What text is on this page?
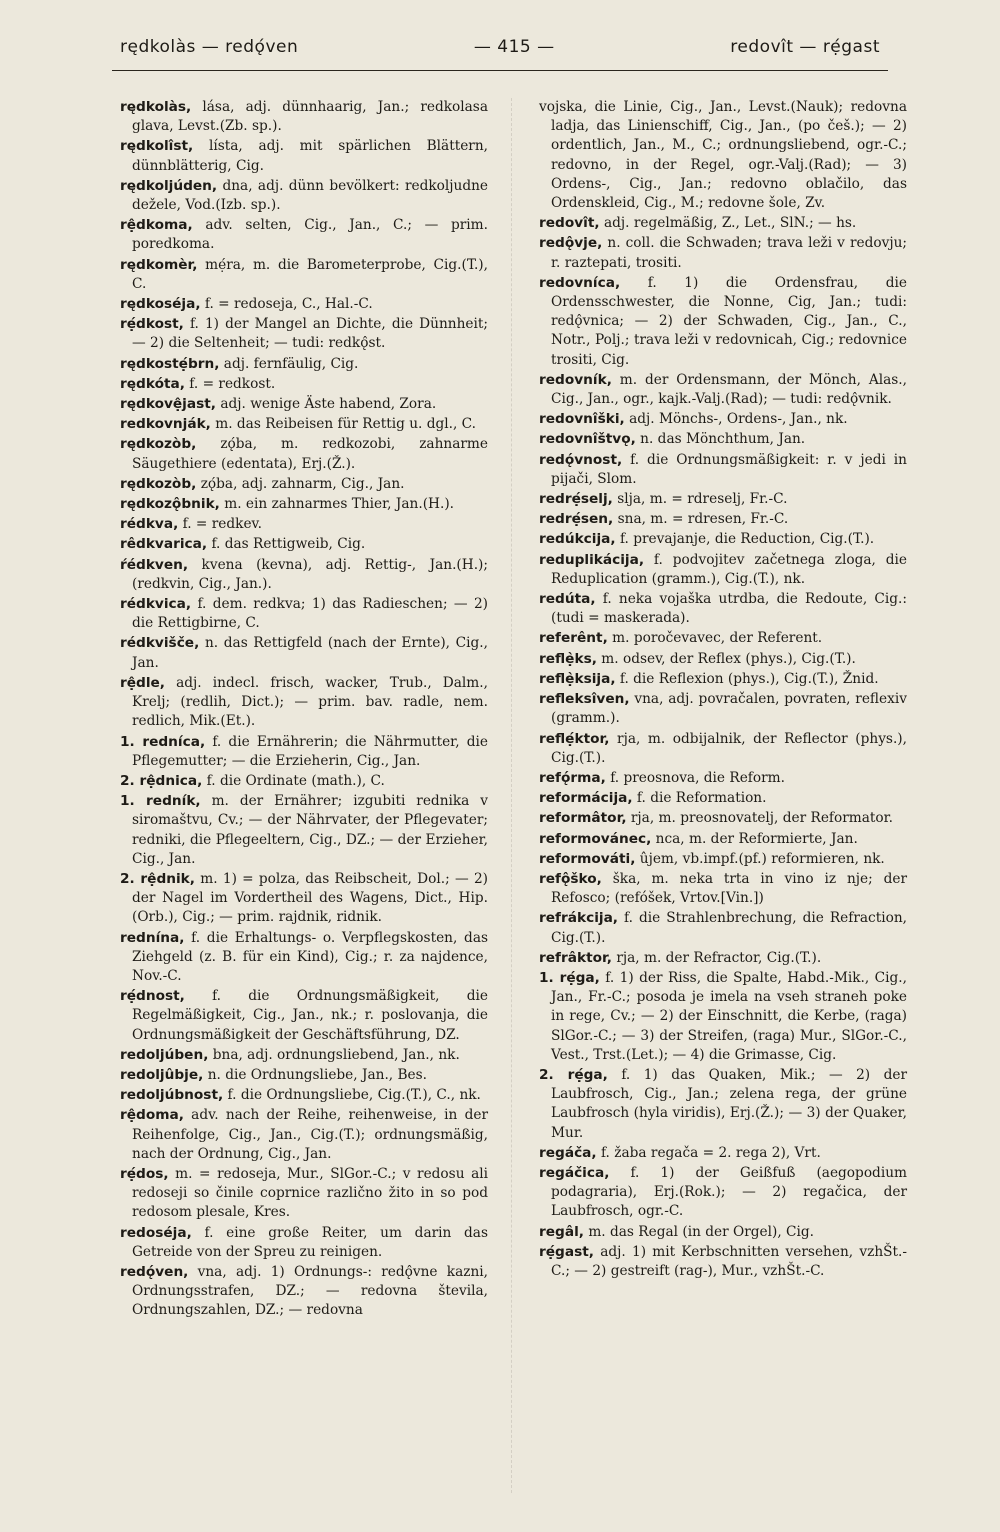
rędkolàs — redǫ́ven	— 415 —	redovît — rẹ́gast

rędkolàs, lása, adj. dünnhaarig, Jan.; redkolasa glava, Levst.(Zb. sp.).

rędkolîst, lísta, adj. mit spärlichen Blättern, dünnblätterig, Cig.

rędkoljúden, dna, adj. dünn bevölkert: redkoljudne dežele, Vod.(Izb. sp.).

rệdkoma, adv. selten, Cig., Jan., C.; — prim. poredkoma.

rędkomèr, mẹ́ra, m. die Barometerprobe, Cig.(T.), C.

rędkoséja, f. = redoseja, C., Hal.-C.

rẹ́dkost, f. 1) der Mangel an Dichte, die Dünnheit; — 2) die Seltenheit; — tudi: redkǫ̂st.

rędkostẹ́brn, adj. fernfäulig, Cig.

rędkóta, f. = redkost.

rędkovệjast, adj. wenige Äste habend, Zora.

redkovnják, m. das Reibeisen für Rettig u. dgl., C.

rędkozòb, zǫ́ba, m. redkozobi, zahnarme Säugethiere (edentata), Erj.(Ž.).

rędkozòb, zǫ́ba, adj. zahnarm, Cig., Jan.

rędkozǫ̂bnik, m. ein zahnarmes Thier, Jan.(H.).

rédkva, f. = redkev.

rêdkvarica, f. das Rettigweib, Cig.

ŕédkven, kvena (kevna), adj. Rettig-, Jan.(H.); (redkvin, Cig., Jan.).

rédkvica, f. dem. redkva; 1) das Radieschen; — 2) die Rettigbirne, C.

rédkvišče, n. das Rettigfeld (nach der Ernte), Cig., Jan.

rệdle, adj. indecl. frisch, wacker, Trub., Dalm., Krelj; (redlih, Dict.); — prim. bav. radle, nem. redlich, Mik.(Et.).

1. redníca, f. die Ernährerin; die Nährmutter, die Pflegemutter; — die Erzieherin, Cig., Jan.

2. rệdnica, f. die Ordinate (math.), C.

1. redník, m. der Ernährer; izgubiti rednika v siromaštvu, Cv.; — der Nährvater, der Pflegevater; redniki, die Pflegeeltern, Cig., DZ.; — der Erzieher, Cig., Jan.

2. rệdnik, m. 1) = polza, das Reibscheit, Dol.; — 2) der Nagel im Vordertheil des Wagens, Dict., Hip.(Orb.), Cig.; — prim. rajdnik, ridnik.

rednína, f. die Erhaltungs- o. Verpflegskosten, das Ziehgeld (z. B. für ein Kind), Cig.; r. za najdence, Nov.-C.

rẹ́dnost, f. die Ordnungsmäßigkeit, die Regelmäßigkeit, Cig., Jan., nk.; r. poslovanja, die Ordnungsmäßigkeit der Geschäftsführung, DZ.

redoljúben, bna, adj. ordnungsliebend, Jan., nk.

redoljûbje, n. die Ordnungsliebe, Jan., Bes.

redoljúbnost, f. die Ordnungsliebe, Cig.(T.), C., nk.

rệdoma, adv. nach der Reihe, reihenweise, in der Reihenfolge, Cig., Jan., Cig.(T.); ordnungsmäßig, nach der Ordnung, Cig., Jan.

rẹ́dos, m. = redoseja, Mur., SlGor.-C.; v redosu ali redoseji so činile coprnice različno žito in so pod redosom plesale, Kres.

redoséja, f. eine große Reiter, um darin das Getreide von der Spreu zu reinigen.

redǫ́ven, vna, adj. 1) Ordnungs-: redǫ̂vne kazni, Ordnungsstrafen, DZ.; — redovna števila, Ordnungszahlen, DZ.; — redovna

vojska, die Linie, Cig., Jan., Levst.(Nauk); redovna ladja, das Linienschiff, Cig., Jan., (po češ.); — 2) ordentlich, Jan., M., C.; ordnungsliebend, ogr.-C.; redovno, in der Regel, ogr.-Valj.(Rad); — 3) Ordens-, Cig., Jan.; redovno oblačilo, das Ordenskleid, Cig., M.; redovne šole, Zv.

redovît, adj. regelmäßig, Z., Let., SlN.; — hs.

redǫ̂vje, n. coll. die Schwaden; trava leži v redovju; r. raztepati, trositi.

redovníca, f. 1) die Ordensfrau, die Ordensschwester, die Nonne, Cig, Jan.; tudi: redǫ̂vnica; — 2) der Schwaden, Cig., Jan., C., Notr., Polj.; trava leži v redovnicah, Cig.; redovnice trositi, Cig.

redovník, m. der Ordensmann, der Mönch, Alas., Cig., Jan., ogr., kajk.-Valj.(Rad); — tudi: redǫ̂vnik.

redovnîški, adj. Mönchs-, Ordens-, Jan., nk.

redovnîštvǫ, n. das Mönchthum, Jan.

redǫ́vnost, f. die Ordnungsmäßigkeit: r. v jedi in pijači, Slom.

redrẹ́selj, slja, m. = rdreselj, Fr.-C.

redrẹ́sen, sna, m. = rdresen, Fr.-C.

redúkcija, f. prevajanje, die Reduction, Cig.(T.).

reduplikácija, f. podvojitev začetnega zloga, die Reduplication (gramm.), Cig.(T.), nk.

redúta, f. neka vojaška utrdba, die Redoute, Cig.: (tudi = maskerada).

referênt, m. poročevavec, der Referent.

reflẹ̀ks, m. odsev, der Reflex (phys.), Cig.(T.).

reflẹ̀ksija, f. die Reflexion (phys.), Cig.(T.), Žnid.

refleksîven, vna, adj. povračalen, povraten, reflexiv (gramm.).

reflẹ́ktor, rja, m. odbijalnik, der Reflector (phys.), Cig.(T.).

refǫ́rma, f. preosnova, die Reform.

reformácija, f. die Reformation.

reformâtor, rja, m. preosnovatelj, der Reformator.

reformovánec, nca, m. der Reformierte, Jan.

reformováti, ûjem, vb.impf.(pf.) reformieren, nk.

refǫ̂ško, ška, m. neka trta in vino iz nje; der Refosco; (refóšek, Vrtov.[Vin.])

refrákcija, f. die Strahlenbrechung, die Refraction, Cig.(T.).

refrâktor, rja, m. der Refractor, Cig.(T.).

1. rẹ́ga, f. 1) der Riss, die Spalte, Habd.-Mik., Cig., Jan., Fr.-C.; posoda je imela na vseh straneh poke in rege, Cv.; — 2) der Einschnitt, die Kerbe, (raga) SlGor.-C.; — 3) der Streifen, (raga) Mur., SlGor.-C., Vest., Trst.(Let.); — 4) die Grimasse, Cig.

2. rẹ́ga, f. 1) das Quaken, Mik.; — 2) der Laubfrosch, Cig., Jan.; zelena rega, der grüne Laubfrosch (hyla viridis), Erj.(Ž.); — 3) der Quaker, Mur.

regáča, f. žaba regača = 2. rega 2), Vrt.

regáčica, f. 1) der Geißfuß (aegopodium podagraria), Erj.(Rok.); — 2) regačica, der Laubfrosch, ogr.-C.

regâl, m. das Regal (in der Orgel), Cig.

rẹ́gast, adj. 1) mit Kerbschnitten versehen, vzhŠt.-C.; — 2) gestreift (rag-), Mur., vzhŠt.-C.
